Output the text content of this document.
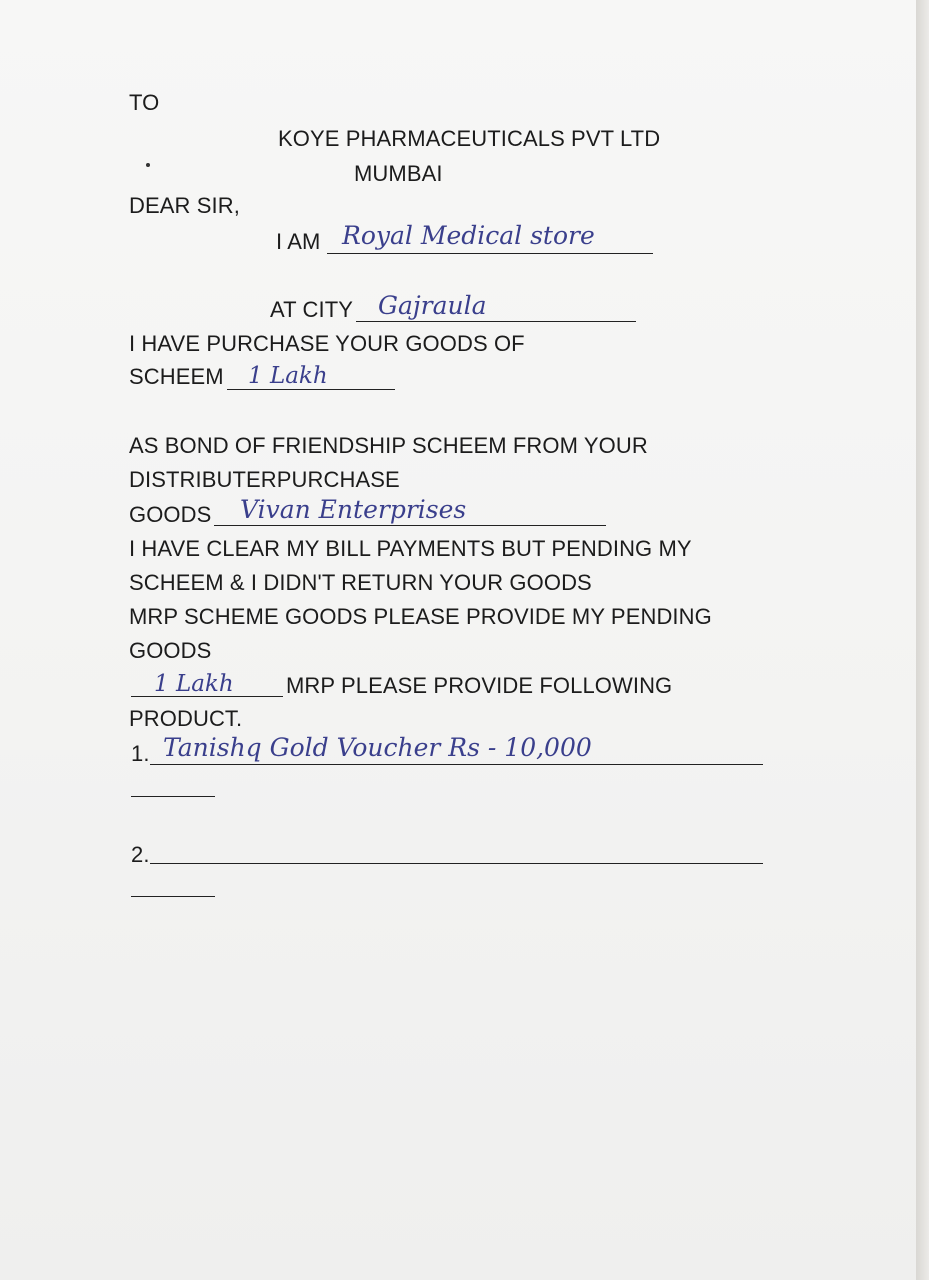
TO
KOYE PHARMACEUTICALS PVT LTD
MUMBAI
DEAR SIR,
I AM Royal Medical store
AT CITY Gajraula
I HAVE PURCHASE YOUR GOODS OF
SCHEEM 1 Lakh
AS BOND OF FRIENDSHIP SCHEEM FROM YOUR
DISTRIBUTERPURCHASE
GOODS Vivan Enterprises
I HAVE CLEAR MY BILL PAYMENTS BUT PENDING MY
SCHEEM & I DIDN'T RETURN YOUR GOODS
MRP SCHEME GOODS PLEASE PROVIDE MY PENDING
GOODS
1 Lakh MRP PLEASE PROVIDE FOLLOWING
PRODUCT.
1. Tanishq Gold Voucher Rs - 10,000
2.
